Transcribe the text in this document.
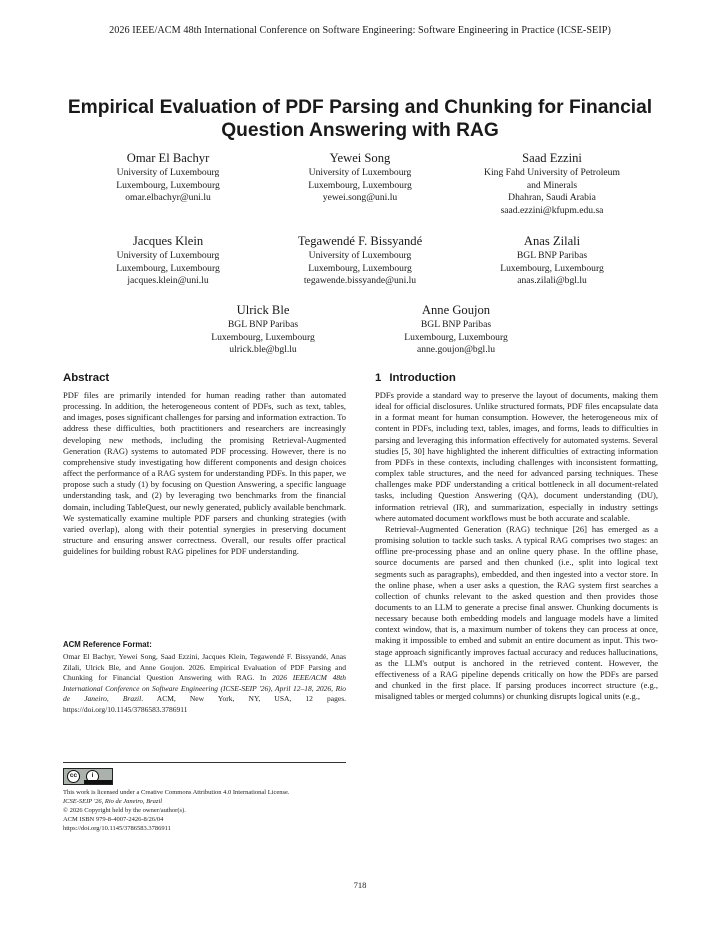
2026 IEEE/ACM 48th International Conference on Software Engineering: Software Engineering in Practice (ICSE-SEIP)
Empirical Evaluation of PDF Parsing and Chunking for Financial Question Answering with RAG
Omar El Bachyr
University of Luxembourg
Luxembourg, Luxembourg
omar.elbachyr@uni.lu
Yewei Song
University of Luxembourg
Luxembourg, Luxembourg
yewei.song@uni.lu
Saad Ezzini
King Fahd University of Petroleum
and Minerals
Dhahran, Saudi Arabia
saad.ezzini@kfupm.edu.sa
Jacques Klein
University of Luxembourg
Luxembourg, Luxembourg
jacques.klein@uni.lu
Tegawendé F. Bissyandé
University of Luxembourg
Luxembourg, Luxembourg
tegawende.bissyande@uni.lu
Anas Zilali
BGL BNP Paribas
Luxembourg, Luxembourg
anas.zilali@bgl.lu
Ulrick Ble
BGL BNP Paribas
Luxembourg, Luxembourg
ulrick.ble@bgl.lu
Anne Goujon
BGL BNP Paribas
Luxembourg, Luxembourg
anne.goujon@bgl.lu
Abstract

PDF files are primarily intended for human reading rather than automated processing. In addition, the heterogeneous content of PDFs, such as text, tables, and images, poses significant challenges for parsing and information extraction. To address these difficulties, both practitioners and researchers are increasingly developing new methods, including the promising Retrieval-Augmented Generation (RAG) systems to automated PDF processing. However, there is no comprehensive study investigating how different components and design choices affect the performance of a RAG system for understanding PDFs. In this paper, we propose such a study (1) by focusing on Question Answering, a specific language understanding task, and (2) by leveraging two benchmarks from the financial domain, including TableQuest, our newly generated, publicly available benchmark. We systematically examine multiple PDF parsers and chunking strategies (with varied overlap), along with their potential synergies in preserving document structure and ensuring answer correctness. Overall, our results offer practical guidelines for building robust RAG pipelines for PDF understanding.

ACM Reference Format:

Omar El Bachyr, Yewei Song, Saad Ezzini, Jacques Klein, Tegawendé F. Bissyandé, Anas Zilali, Ulrick Ble, and Anne Goujon. 2026. Empirical Evaluation of PDF Parsing and Chunking for Financial Question Answering with RAG. In 2026 IEEE/ACM 48th International Conference on Software Engineering (ICSE-SEIP '26), April 12–18, 2026, Rio de Janeiro, Brazil. ACM, New York, NY, USA, 12 pages. https://doi.org/10.1145/3786583.3786911

cc	i
This work is licensed under a Creative Commons Attribution 4.0 International License.
ICSE-SEIP '26, Rio de Janeiro, Brazil
© 2026 Copyright held by the owner/author(s).
ACM ISBN 979-8-4007-2426-8/26/04
https://doi.org/10.1145/3786583.3786911
1 Introduction

PDFs provide a standard way to preserve the layout of documents, making them ideal for official disclosures. Unlike structured formats, PDF files encapsulate data in a format meant for human consumption. However, the heterogeneous mix of content in PDFs, including text, tables, images, and forms, leads to difficulties in parsing and leveraging this information effectively for automated systems. Several studies [5, 30] have highlighted the inherent difficulties of extracting information from PDFs in these contexts, including challenges with inconsistent formatting, complex table structures, and the need for advanced parsing techniques. These challenges make PDF understanding a critical bottleneck in all document-related tasks, including Question Answering (QA), document understanding (DU), information retrieval (IR), and summarization, especially in industry settings where automated document workflows must be both accurate and scalable.

Retrieval-Augmented Generation (RAG) technique [26] has emerged as a promising solution to tackle such tasks. A typical RAG comprises two stages: an offline pre-processing phase and an online query phase. In the offline phase, source documents are parsed and then chunked (i.e., split into logical text segments such as paragraphs), embedded, and then ingested into a vector store. In the online phase, when a user asks a question, the RAG system first searches a collection of chunks relevant to the asked question and then provides those documents to an LLM to generate a precise final answer. Chunking documents is necessary because both embedding models and language models have a limited context window, that is, a maximum number of tokens they can process at once, making it impossible to embed and submit an entire document as input. This two-stage approach significantly improves factual accuracy and reduces hallucinations, as the LLM's output is anchored in the retrieved content. However, the effectiveness of a RAG pipeline depends critically on how the PDFs are parsed and chunked in the first place. If parsing produces incorrect structure (e.g., misaligned tables or merged columns) or chunking disrupts logical units (e.g.,

718
